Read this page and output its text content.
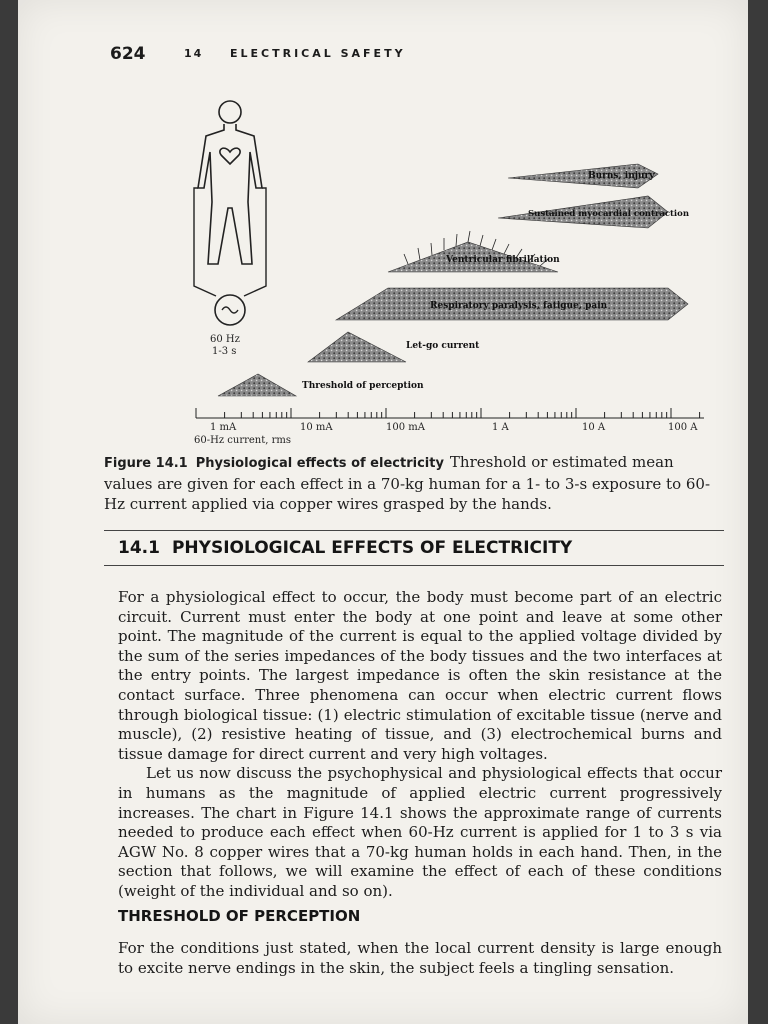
624	14 ELECTRICAL SAFETY
60 Hz
1-3 s
Burns, injury
Sustained myocardial contraction
Ventricular fibrillation
Respiratory paralysis, fatigue, pain
Let-go current
Threshold of perception
1 mA	10 mA	100 mA	1 A	10 A	100 A
60-Hz current, rms
Figure 14.1 Physiological effects of electricity Threshold or estimated mean values are given for each effect in a 70-kg human for a 1- to 3-s exposure to 60-Hz current applied via copper wires grasped by the hands.
14.1 PHYSIOLOGICAL EFFECTS OF ELECTRICITY

For a physiological effect to occur, the body must become part of an electric circuit. Current must enter the body at one point and leave at some other point. The magnitude of the current is equal to the applied voltage divided by the sum of the series impedances of the body tissues and the two interfaces at the entry points. The largest impedance is often the skin resistance at the contact surface. Three phenomena can occur when electric current flows through biological tissue: (1) electric stimulation of excitable tissue (nerve and muscle), (2) resistive heating of tissue, and (3) electrochemical burns and tissue damage for direct current and very high voltages.

Let us now discuss the psychophysical and physiological effects that occur in humans as the magnitude of applied electric current progressively increases. The chart in Figure 14.1 shows the approximate range of currents needed to produce each effect when 60-Hz current is applied for 1 to 3 s via AGW No. 8 copper wires that a 70-kg human holds in each hand. Then, in the section that follows, we will examine the effect of each of these conditions (weight of the individual and so on).

THRESHOLD OF PERCEPTION

For the conditions just stated, when the local current density is large enough to excite nerve endings in the skin, the subject feels a tingling sensation.
